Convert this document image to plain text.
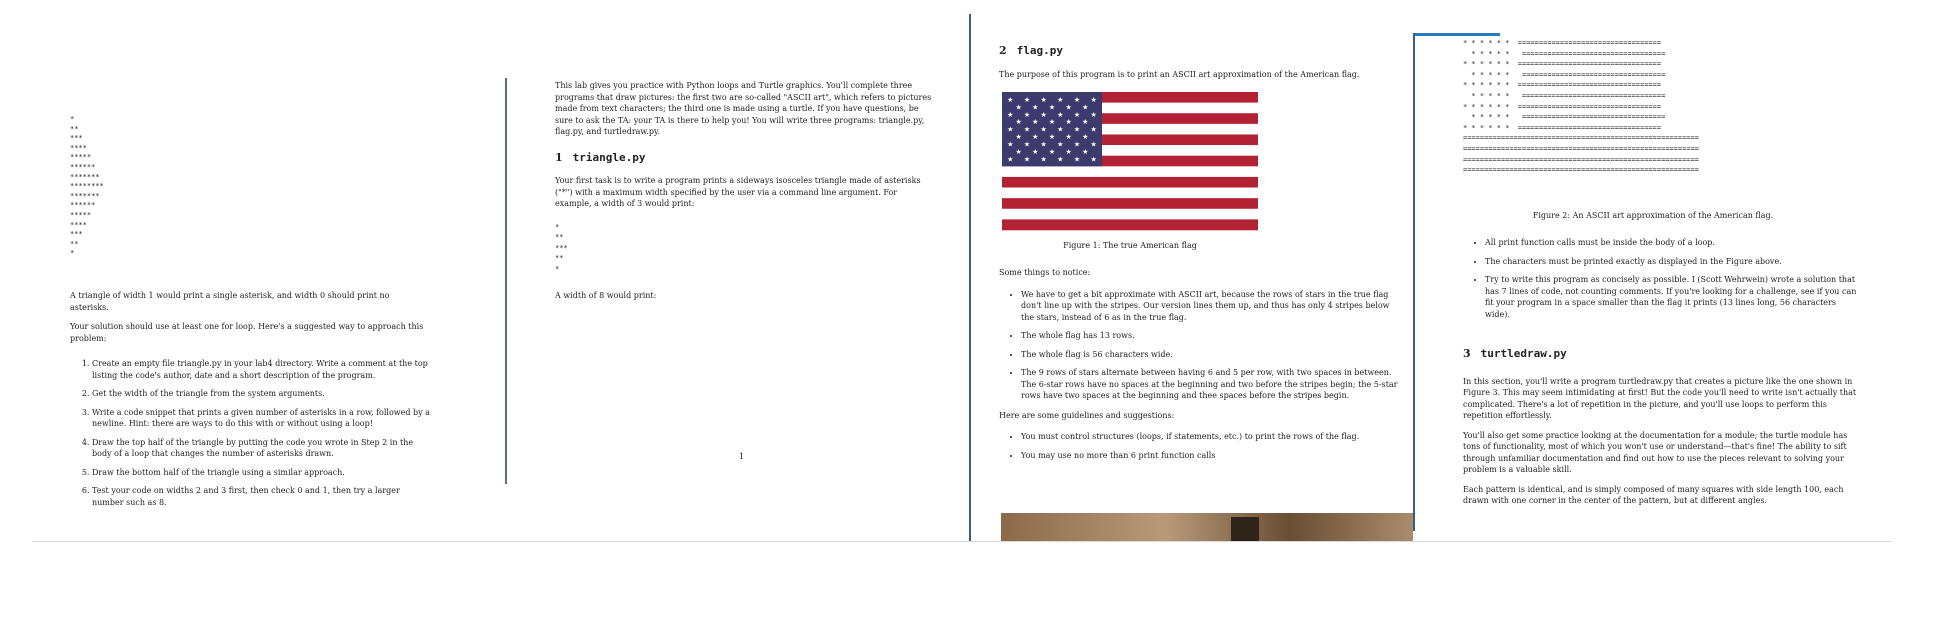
*
**
***
****
*****
******
*******
********
*******
******
*****
****
***
**
*

A triangle of width 1 would print a single asterisk, and width 0 should print no asterisks.

Your solution should use at least one for loop. Here's a suggested way to approach this problem:

1. Create an empty file triangle.py in your lab4 directory. Write a comment at the top listing the code's author, date and a short description of the program.
2. Get the width of the triangle from the system arguments.
3. Write a code snippet that prints a given number of asterisks in a row, followed by a newline. Hint: there are ways to do this with or without using a loop!
4. Draw the top half of the triangle by putting the code you wrote in Step 2 in the body of a loop that changes the number of asterisks drawn.
5. Draw the bottom half of the triangle using a similar approach.
6. Test your code on widths 2 and 3 first, then check 0 and 1, then try a larger number such as 8.

This lab gives you practice with Python loops and Turtle graphics. You'll complete three programs that draw pictures: the first two are so-called "ASCII art", which refers to pictures made from text characters; the third one is made using a turtle. If you have questions, be sure to ask the TA: your TA is there to help you! You will write three programs: triangle.py, flag.py, and turtledraw.py.

1 triangle.py

Your first task is to write a program prints a sideways isosceles triangle made of asterisks ("*") with a maximum width specified by the user via a command line argument. For example, a width of 3 would print:

*
**
***
**
*

A width of 8 would print:

1
2 flag.py

The purpose of this program is to print an ASCII art approximation of the American flag.

★ ★ ★ ★ ★ ★
★ ★ ★ ★ ★
★ ★ ★ ★ ★ ★
★ ★ ★ ★ ★
★ ★ ★ ★ ★ ★
★ ★ ★ ★ ★
★ ★ ★ ★ ★ ★
★ ★ ★ ★ ★
★ ★ ★ ★ ★ ★
Figure 1: The true American flag

Some things to notice:

• We have to get a bit approximate with ASCII art, because the rows of stars in the true flag don't line up with the stripes. Our version lines them up, and thus has only 4 stripes below the stars, instead of 6 as in the true flag.
• The whole flag has 13 rows.
• The whole flag is 56 characters wide.
• The 9 rows of stars alternate between having 6 and 5 per row, with two spaces in between. The 6-star rows have no spaces at the beginning and two before the stripes begin; the 5-star rows have two spaces at the beginning and thee spaces before the stripes begin.

Here are some guidelines and suggestions:

• You must control structures (loops, if statements, etc.) to print the rows of the flag.
• You may use no more than 6 print function calls
* * * * * *  ==================================
* * * * *   ==================================
* * * * * *  ==================================
* * * * *   ==================================
* * * * * *  ==================================
* * * * *   ==================================
* * * * * *  ==================================
* * * * *   ==================================
* * * * * *  ==================================
========================================================
========================================================
========================================================
========================================================
Figure 2: An ASCII art approximation of the American flag.
• All print function calls must be inside the body of a loop.
• The characters must be printed exactly as displayed in the Figure above.
• Try to write this program as concisely as possible. I (Scott Wehrwein) wrote a solution that has 7 lines of code, not counting comments. If you're looking for a challenge, see if you can fit your program in a space smaller than the flag it prints (13 lines long, 56 characters wide).
3 turtledraw.py

In this section, you'll write a program turtledraw.py that creates a picture like the one shown in Figure 3. This may seem intimidating at first! But the code you'll need to write isn't actually that complicated. There's a lot of repetition in the picture, and you'll use loops to perform this repetition effortlessly.

You'll also get some practice looking at the documentation for a module; the turtle module has tons of functionality, most of which you won't use or understand—that's fine! The ability to sift through unfamiliar documentation and find out how to use the pieces relevant to solving your problem is a valuable skill.

Each pattern is identical, and is simply composed of many squares with side length 100, each drawn with one corner in the center of the pattern, but at different angles.
